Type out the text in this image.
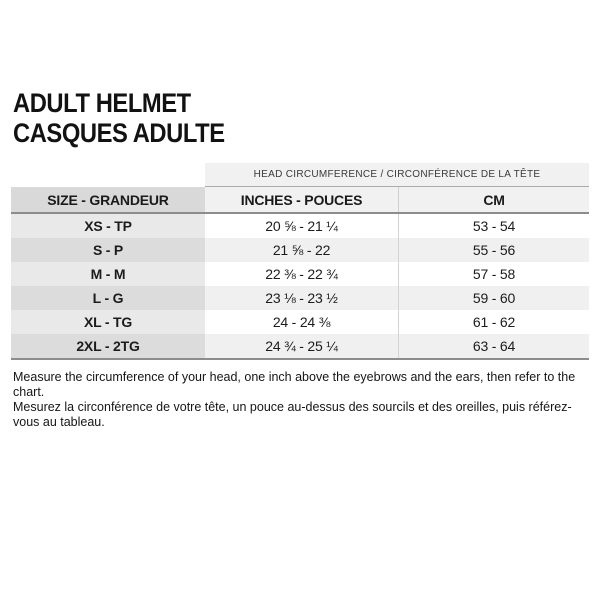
ADULT HELMET
CASQUES ADULTE
HEAD CIRCUMFERENCE / CIRCONFÉRENCE DE LA TÊTE
SIZE - GRANDEUR	INCHES - POUCES	CM
XS - TP	20 ⅝ - 21 ¼	53 - 54
S - P	21 ⅝ - 22	55 - 56
M - M	22 ⅜ - 22 ¾	57 - 58
L - G	23 ⅛ - 23 ½	59 - 60
XL - TG	24 - 24 ⅜	61 - 62
2XL - 2TG	24 ¾ - 25 ¼	63 - 64
Measure the circumference of your head, one inch above the eyebrows and the ears, then refer to the chart.
Mesurez la circonférence de votre tête, un pouce au-dessus des sourcils et des oreilles, puis référez-vous au tableau.
